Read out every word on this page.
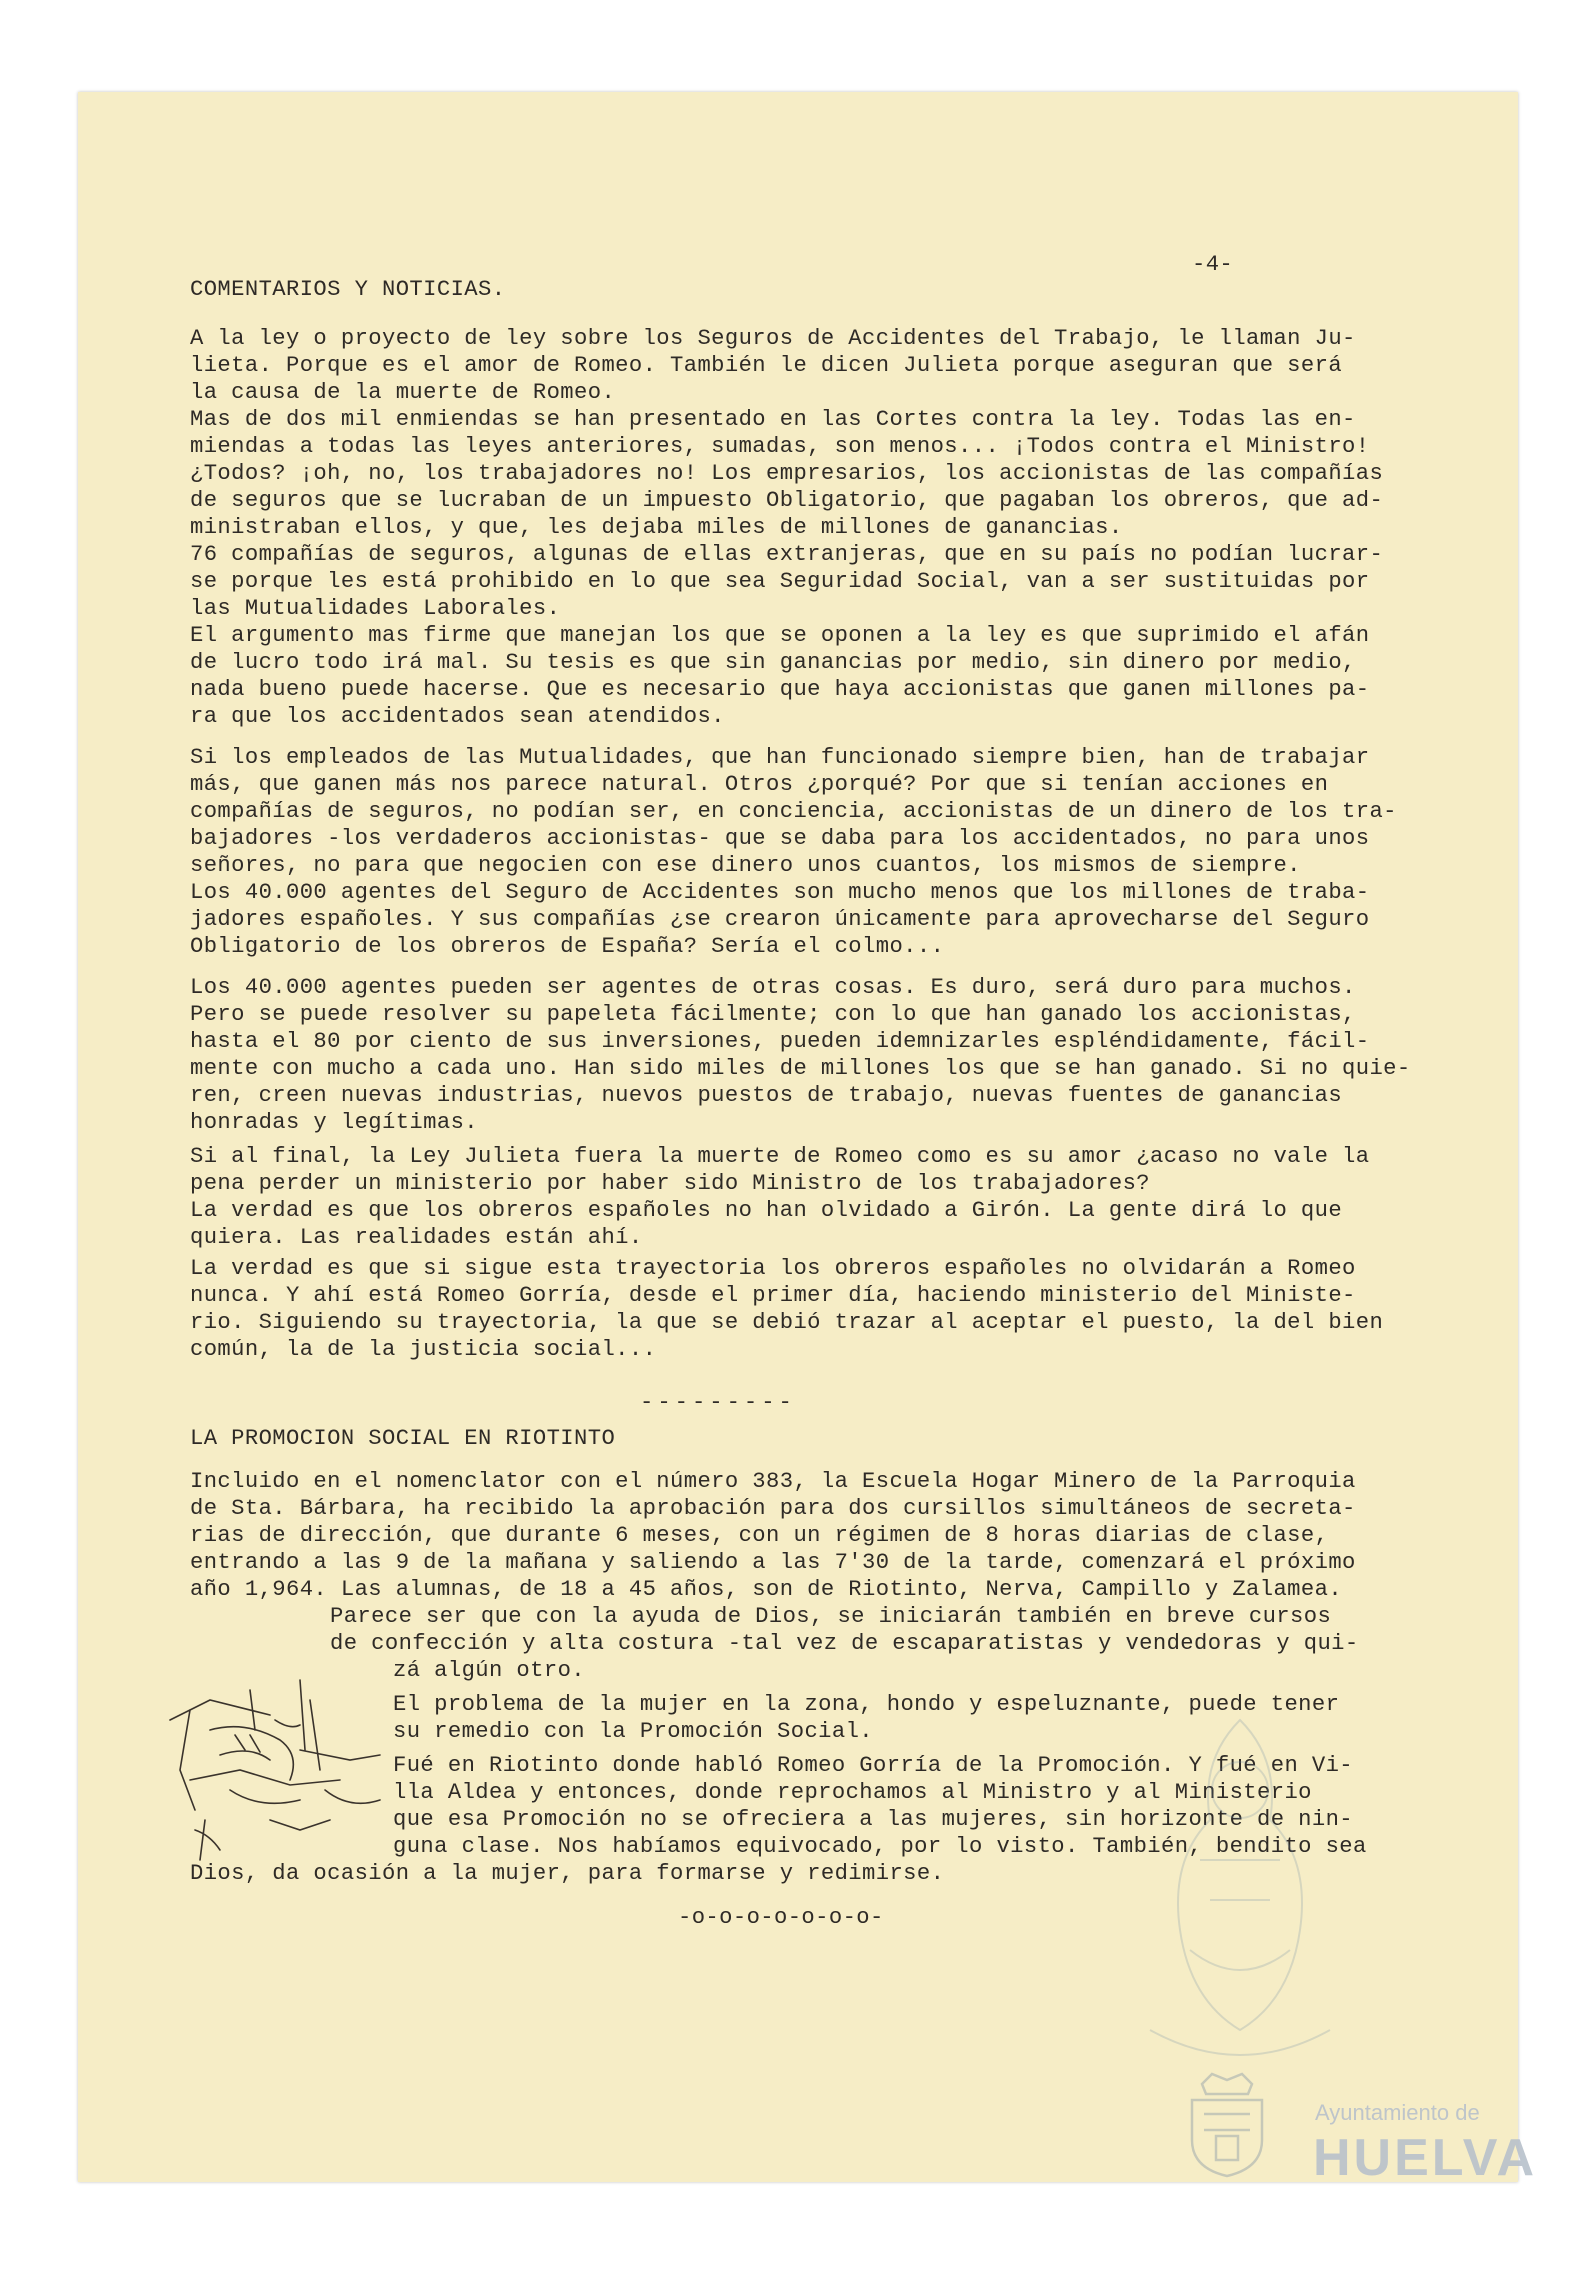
-4-
COMENTARIOS Y NOTICIAS.
A la ley o proyecto de ley sobre los Seguros de Accidentes del Trabajo, le llaman Ju-
lieta. Porque es el amor de Romeo. También le dicen Julieta porque aseguran que será
la causa de la muerte de Romeo.
Mas de dos mil enmiendas se han presentado en las Cortes contra la ley. Todas las en-
miendas a todas las leyes anteriores, sumadas, son menos... ¡Todos contra el Ministro!
¿Todos? ¡oh, no, los trabajadores no! Los empresarios, los accionistas de las compañías
de seguros que se lucraban de un impuesto Obligatorio, que pagaban los obreros, que ad-
ministraban ellos, y que, les dejaba miles de millones de ganancias.
76 compañías de seguros, algunas de ellas extranjeras, que en su país no podían lucrar-
se porque les está prohibido en lo que sea Seguridad Social, van a ser sustituidas por
las Mutualidades Laborales.
El argumento mas firme que manejan los que se oponen a la ley es que suprimido el afán
de lucro todo irá mal. Su tesis es que sin ganancias por medio, sin dinero por medio,
nada bueno puede hacerse. Que es necesario que haya accionistas que ganen millones pa-
ra que los accidentados sean atendidos.
Si los empleados de las Mutualidades, que han funcionado siempre bien, han de trabajar
más, que ganen más nos parece natural. Otros ¿porqué? Por que si tenían acciones en
compañías de seguros, no podían ser, en conciencia, accionistas de un dinero de los tra-
bajadores -los verdaderos accionistas- que se daba para los accidentados, no para unos
señores, no para que negocien con ese dinero unos cuantos, los mismos de siempre.
Los 40.000 agentes del Seguro de Accidentes son mucho menos que los millones de traba-
jadores españoles. Y sus compañías ¿se crearon únicamente para aprovecharse del Seguro
Obligatorio de los obreros de España? Sería el colmo...
Los 40.000 agentes pueden ser agentes de otras cosas. Es duro, será duro para muchos.
Pero se puede resolver su papeleta fácilmente; con lo que han ganado los accionistas,
hasta el 80 por ciento de sus inversiones, pueden idemnizarles espléndidamente, fácil-
mente con mucho a cada uno. Han sido miles de millones los que se han ganado. Si no quie-
ren, creen nuevas industrias, nuevos puestos de trabajo, nuevas fuentes de ganancias
honradas y legítimas.
Si al final, la Ley Julieta fuera la muerte de Romeo como es su amor ¿acaso no vale la
pena perder un ministerio por haber sido Ministro de los trabajadores?
La verdad es que los obreros españoles no han olvidado a Girón. La gente dirá lo que
quiera. Las realidades están ahí.
La verdad es que si sigue esta trayectoria los obreros españoles no olvidarán a Romeo
nunca. Y ahí está Romeo Gorría, desde el primer día, haciendo ministerio del Ministe-
rio. Siguiendo su trayectoria, la que se debió trazar al aceptar el puesto, la del bien
común, la de la justicia social...
---------
LA PROMOCION SOCIAL EN RIOTINTO
Incluido en el nomenclator con el número 383, la Escuela Hogar Minero de la Parroquia
de Sta. Bárbara, ha recibido la aprobación para dos cursillos simultáneos de secreta-
rias de dirección, que durante 6 meses, con un régimen de 8 horas diarias de clase,
entrando a las 9 de la mañana y saliendo a las 7'30 de la tarde, comenzará el próximo
año 1,964. Las alumnas, de 18 a 45 años, son de Riotinto, Nerva, Campillo y Zalamea.
Parece ser que con la ayuda de Dios, se iniciarán también en breve cursos
de confección y alta costura -tal vez de escaparatistas y vendedoras y qui-
zá algún otro.
El problema de la mujer en la zona, hondo y espeluznante, puede tener
su remedio con la Promoción Social.
Fué en Riotinto donde habló Romeo Gorría de la Promoción. Y fué en Vi-
lla Aldea y entonces, donde reprochamos al Ministro y al Ministerio
que esa Promoción no se ofreciera a las mujeres, sin horizonte de nin-
guna clase. Nos habíamos equivocado, por lo visto. También, bendito sea
Dios, da ocasión a la mujer, para formarse y redimirse.
-o-o-o-o-o-o-o-
Ayuntamiento de
HUELVA
